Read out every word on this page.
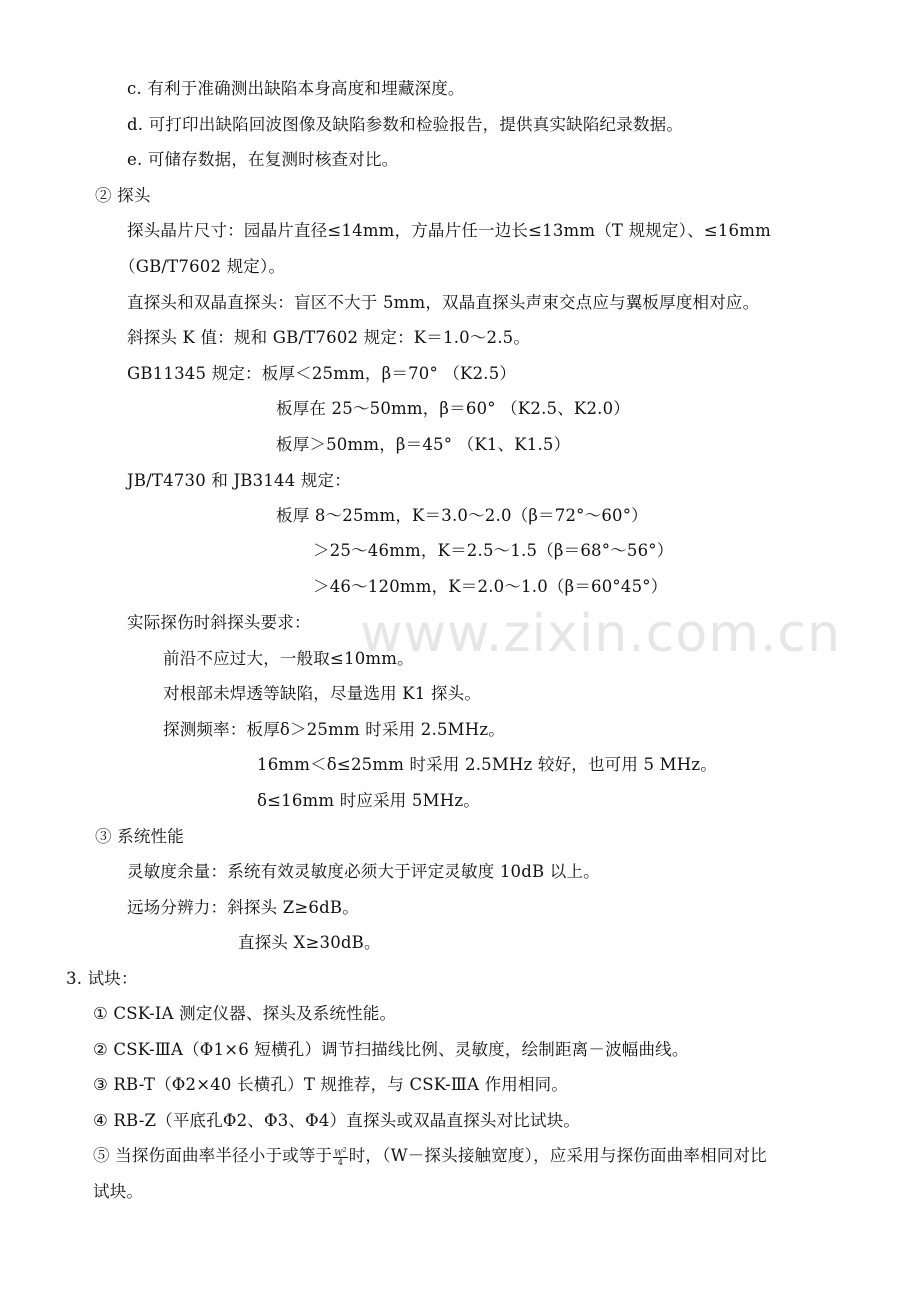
www.zixin.com.cn
c. 有利于准确测出缺陷本身高度和埋藏深度。
d. 可打印出缺陷回波图像及缺陷参数和检验报告，提供真实缺陷纪录数据。
e. 可储存数据，在复测时核查对比。
② 探头
探头晶片尺寸：园晶片直径≤14mm，方晶片任一边长≤13mm（T 规规定）、≤16mm
（GB/T7602 规定）。
直探头和双晶直探头：盲区不大于 5mm，双晶直探头声束交点应与翼板厚度相对应。
斜探头 K 值：规和 GB/T7602 规定：K＝1.0～2.5。
GB11345 规定：板厚＜25mm，β＝70° （K2.5）
板厚在 25～50mm，β＝60° （K2.5、K2.0）
板厚＞50mm，β＝45° （K1、K1.5）
JB/T4730 和 JB3144 规定：
板厚 8～25mm，K＝3.0～2.0（β＝72°～60°）
＞25～46mm，K＝2.5～1.5（β＝68°～56°）
＞46～120mm，K＝2.0～1.0（β＝60°45°）
实际探伤时斜探头要求：
前沿不应过大，一般取≤10mm。
对根部未焊透等缺陷，尽量选用 K1 探头。
探测频率：板厚δ＞25mm 时采用 2.5MHz。
16mm＜δ≤25mm 时采用 2.5MHz 较好，也可用 5 MHz。
δ≤16mm 时应采用 5MHz。
③ 系统性能
灵敏度余量：系统有效灵敏度必须大于评定灵敏度 10dB 以上。
远场分辨力：斜探头 Z≥6dB。
直探头 X≥30dB。
3. 试块：
① CSK-ⅠA 测定仪器、探头及系统性能。
② CSK-ⅢA（Φ1×6 短横孔）调节扫描线比例、灵敏度，绘制距离－波幅曲线。
③ RB-T（Φ2×40 长横孔）T 规推荐，与 CSK-ⅢA 作用相同。
④ RB-Z（平底孔Φ2、Φ3、Φ4）直探头或双晶直探头对比试块。
⑤ 当探伤面曲率半径小于或等于 $\frac{W^2}{4}$ 时，（W－探头接触宽度），应采用与探伤面曲率相同对比
试块。
